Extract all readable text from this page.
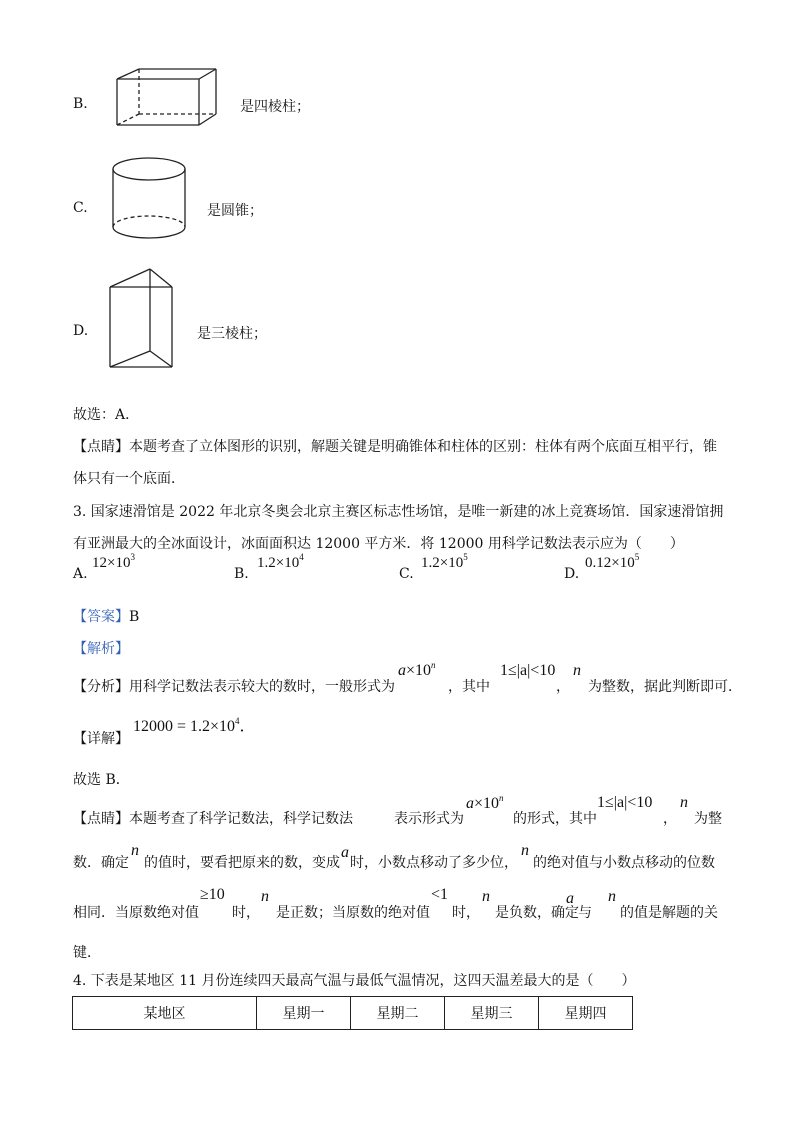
B.	是四棱柱；
C.	是圆锥；
D.	是三棱柱；
故选：A．
【点睛】本题考查了立体图形的识别，解题关键是明确锥体和柱体的区别：柱体有两个底面互相平行，锥
体只有一个底面．
3. 国家速滑馆是 2022 年北京冬奥会北京主赛区标志性场馆，是唯一新建的冰上竞赛场馆．国家速滑馆拥
有亚洲最大的全冰面设计，冰面面积达 12000 平方米．将 12000 用科学记数法表示应为（　　）
A.
$12\times 10^3$
B.
$1.2\times 10^4$
C.
$1.2\times 10^5$
D.
$0.12\times 10^5$
【答案】B
【解析】
【分析】用科学记数法表示较大的数时，一般形式为
$a\times 10^n$
，其中
1≤|a|<10
，
n
为整数，据此判断即可．
【详解】
$12000 = 1.2\times 10^4$．
故选 B．
【点睛】本题考查了科学记数法，科学记数法	表示形式为
$a\times 10^n$
的形式，其中
1≤|a|<10
，
n
为整
数．确定
n
的值时，要看把原来的数，变成
a
时，小数点移动了多少位，
n
的绝对值与小数点移动的位数
相同．当原数绝对值
≥10
时，
n
是正数；当原数的绝对值
<1
时，
n
是负数，确定
a
与
n
的值是解题的关
键．
4. 下表是某地区 11 月份连续四天最高气温与最低气温情况，这四天温差最大的是（　　）
某地区	星期一	星期二	星期三	星期四
